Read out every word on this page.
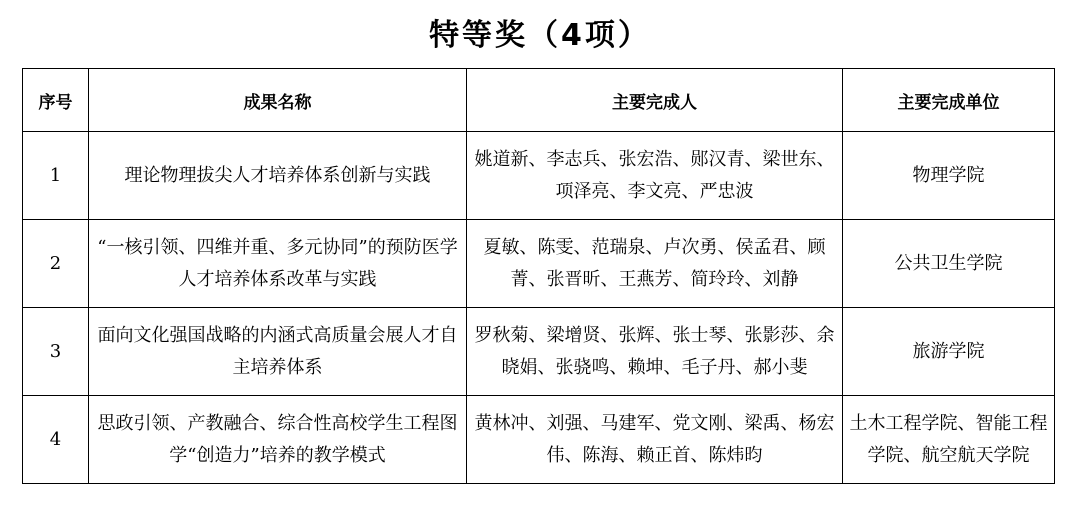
特等奖（4项）
序号	成果名称	主要完成人	主要完成单位
1	理论物理拔尖人才培养体系创新与实践	姚道新、李志兵、张宏浩、郧汉青、梁世东、项泽亮、李文亮、严忠波	物理学院
2	“一核引领、四维并重、多元协同”的预防医学人才培养体系改革与实践	夏敏、陈雯、范瑞泉、卢次勇、侯孟君、顾菁、张晋昕、王燕芳、简玲玲、刘静	公共卫生学院
3	面向文化强国战略的内涵式高质量会展人才自主培养体系	罗秋菊、梁增贤、张辉、张士琴、张影莎、余晓娟、张骁鸣、赖坤、毛子丹、郝小斐	旅游学院
4	思政引领、产教融合、综合性高校学生工程图学“创造力”培养的教学模式	黄林冲、刘强、马建军、党文刚、梁禹、杨宏伟、陈海、赖正首、陈炜昀	土木工程学院、智能工程学院、航空航天学院
